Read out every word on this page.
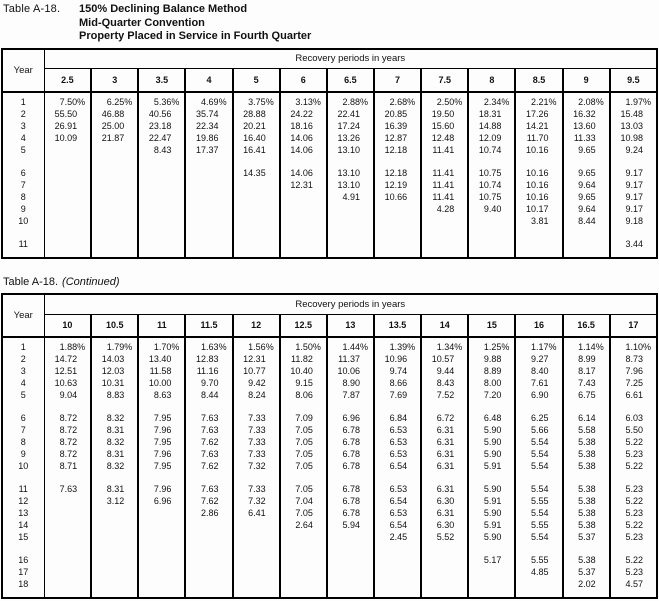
Table A-18.	150% Declining Balance Method
Mid-Quarter Convention
Property Placed in Service in Fourth Quarter
Year	Recovery periods in years												
	2.5	3	3.5	4	5	6	6.5	7	7.5	8	8.5	9	9.5
1	7.50%	6.25%	5.36%	4.69%	3.75%	3.13%	2.88%	2.68%	2.50%	2.34%	2.21%	2.08%	1.97%
2	55.50	46.88	40.56	35.74	28.88	24.22	22.41	20.85	19.50	18.31	17.26	16.32	15.48
3	26.91	25.00	23.18	22.34	20.21	18.16	17.24	16.39	15.60	14.88	14.21	13.60	13.03
4	10.09	21.87	22.47	19.86	16.40	14.06	13.26	12.87	12.48	12.09	11.70	11.33	10.98
5			8.43	17.37	16.41	14.06	13.10	12.18	11.41	10.74	10.16	9.65	9.24

6					14.35	14.06	13.10	12.18	11.41	10.75	10.16	9.65	9.17
7						12.31	13.10	12.19	11.41	10.74	10.16	9.64	9.17
8							4.91	10.66	11.41	10.75	10.16	9.65	9.17
9									4.28	9.40	10.17	9.64	9.17
10											3.81	8.44	9.18

11													3.44

Table A-18. (Continued)
Year	Recovery periods in years												
	10	10.5	11	11.5	12	12.5	13	13.5	14	15	16	16.5	17
1	1.88%	1.79%	1.70%	1.63%	1.56%	1.50%	1.44%	1.39%	1.34%	1.25%	1.17%	1.14%	1.10%
2	14.72	14.03	13.40	12.83	12.31	11.82	11.37	10.96	10.57	9.88	9.27	8.99	8.73
3	12.51	12.03	11.58	11.16	10.77	10.40	10.06	9.74	9.44	8.89	8.40	8.17	7.96
4	10.63	10.31	10.00	9.70	9.42	9.15	8.90	8.66	8.43	8.00	7.61	7.43	7.25
5	9.04	8.83	8.63	8.44	8.24	8.06	7.87	7.69	7.52	7.20	6.90	6.75	6.61

6	8.72	8.32	7.95	7.63	7.33	7.09	6.96	6.84	6.72	6.48	6.25	6.14	6.03
7	8.72	8.31	7.96	7.63	7.33	7.05	6.78	6.53	6.31	5.90	5.66	5.58	5.50
8	8.72	8.32	7.95	7.62	7.33	7.05	6.78	6.53	6.31	5.90	5.54	5.38	5.22
9	8.72	8.31	7.96	7.63	7.33	7.05	6.78	6.53	6.31	5.90	5.54	5.38	5.23
10	8.71	8.32	7.95	7.62	7.32	7.05	6.78	6.54	6.31	5.91	5.54	5.38	5.22

11	7.63	8.31	7.96	7.63	7.33	7.05	6.78	6.53	6.31	5.90	5.54	5.38	5.23
12		3.12	6.96	7.62	7.32	7.04	6.78	6.54	6.30	5.91	5.55	5.38	5.22
13				2.86	6.41	7.05	6.78	6.53	6.31	5.90	5.54	5.38	5.23
14						2.64	5.94	6.54	6.30	5.91	5.55	5.38	5.22
15								2.45	5.52	5.90	5.54	5.37	5.23

16										5.17	5.55	5.38	5.22
17											4.85	5.37	5.23
18												2.02	4.57
